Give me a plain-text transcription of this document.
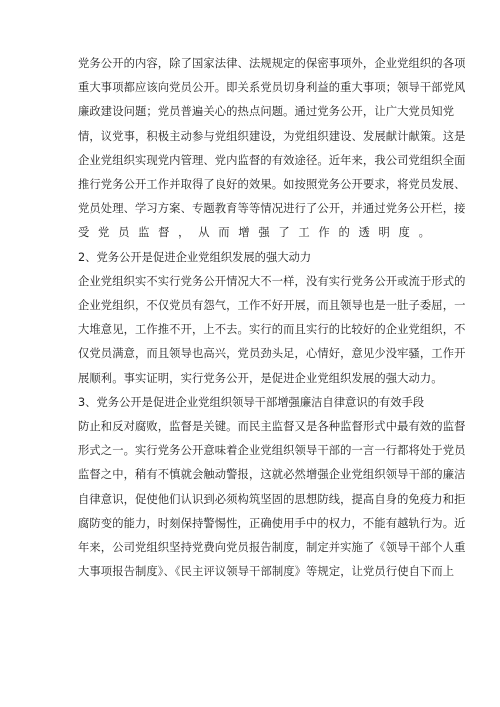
党务公开的内容，除了国家法律、法规规定的保密事项外，企业党组织的各项
重大事项都应该向党员公开。即关系党员切身利益的重大事项；领导干部党风
廉政建设问题；党员普遍关心的热点问题。通过党务公开，让广大党员知党
情，议党事，积极主动参与党组织建设，为党组织建设、发展献计献策。这是
企业党组织实现党内管理、党内监督的有效途径。近年来，我公司党组织全面
推行党务公开工作并取得了良好的效果。如按照党务公开要求，将党员发展、
党员处理、学习方案、专题教育等等情况进行了公开，并通过党务公开栏，接
受党员监督，从而增强了工作的透明度。

2、党务公开是促进企业党组织发展的强大动力

企业党组织实不实行党务公开情况大不一样，没有实行党务公开或流于形式的
企业党组织，不仅党员有怨气，工作不好开展，而且领导也是一肚子委屈，一
大堆意见，工作推不开，上不去。实行的而且实行的比较好的企业党组织，不
仅党员满意，而且领导也高兴，党员劲头足，心情好，意见少没牢骚，工作开
展顺利。事实证明，实行党务公开，是促进企业党组织发展的强大动力。

3、党务公开是促进企业党组织领导干部增强廉洁自律意识的有效手段

防止和反对腐败，监督是关键。而民主监督又是各种监督形式中最有效的监督
形式之一。实行党务公开意味着企业党组织领导干部的一言一行都将处于党员
监督之中，稍有不慎就会触动警报，这就必然增强企业党组织领导干部的廉洁
自律意识，促使他们认识到必须构筑坚固的思想防线，提高自身的免疫力和拒
腐防变的能力，时刻保持警惕性，正确使用手中的权力，不能有越轨行为。近
年来，公司党组织坚持党费向党员报告制度，制定并实施了《领导干部个人重
大事项报告制度》、《民主评议领导干部制度》等规定，让党员行使自下而上
